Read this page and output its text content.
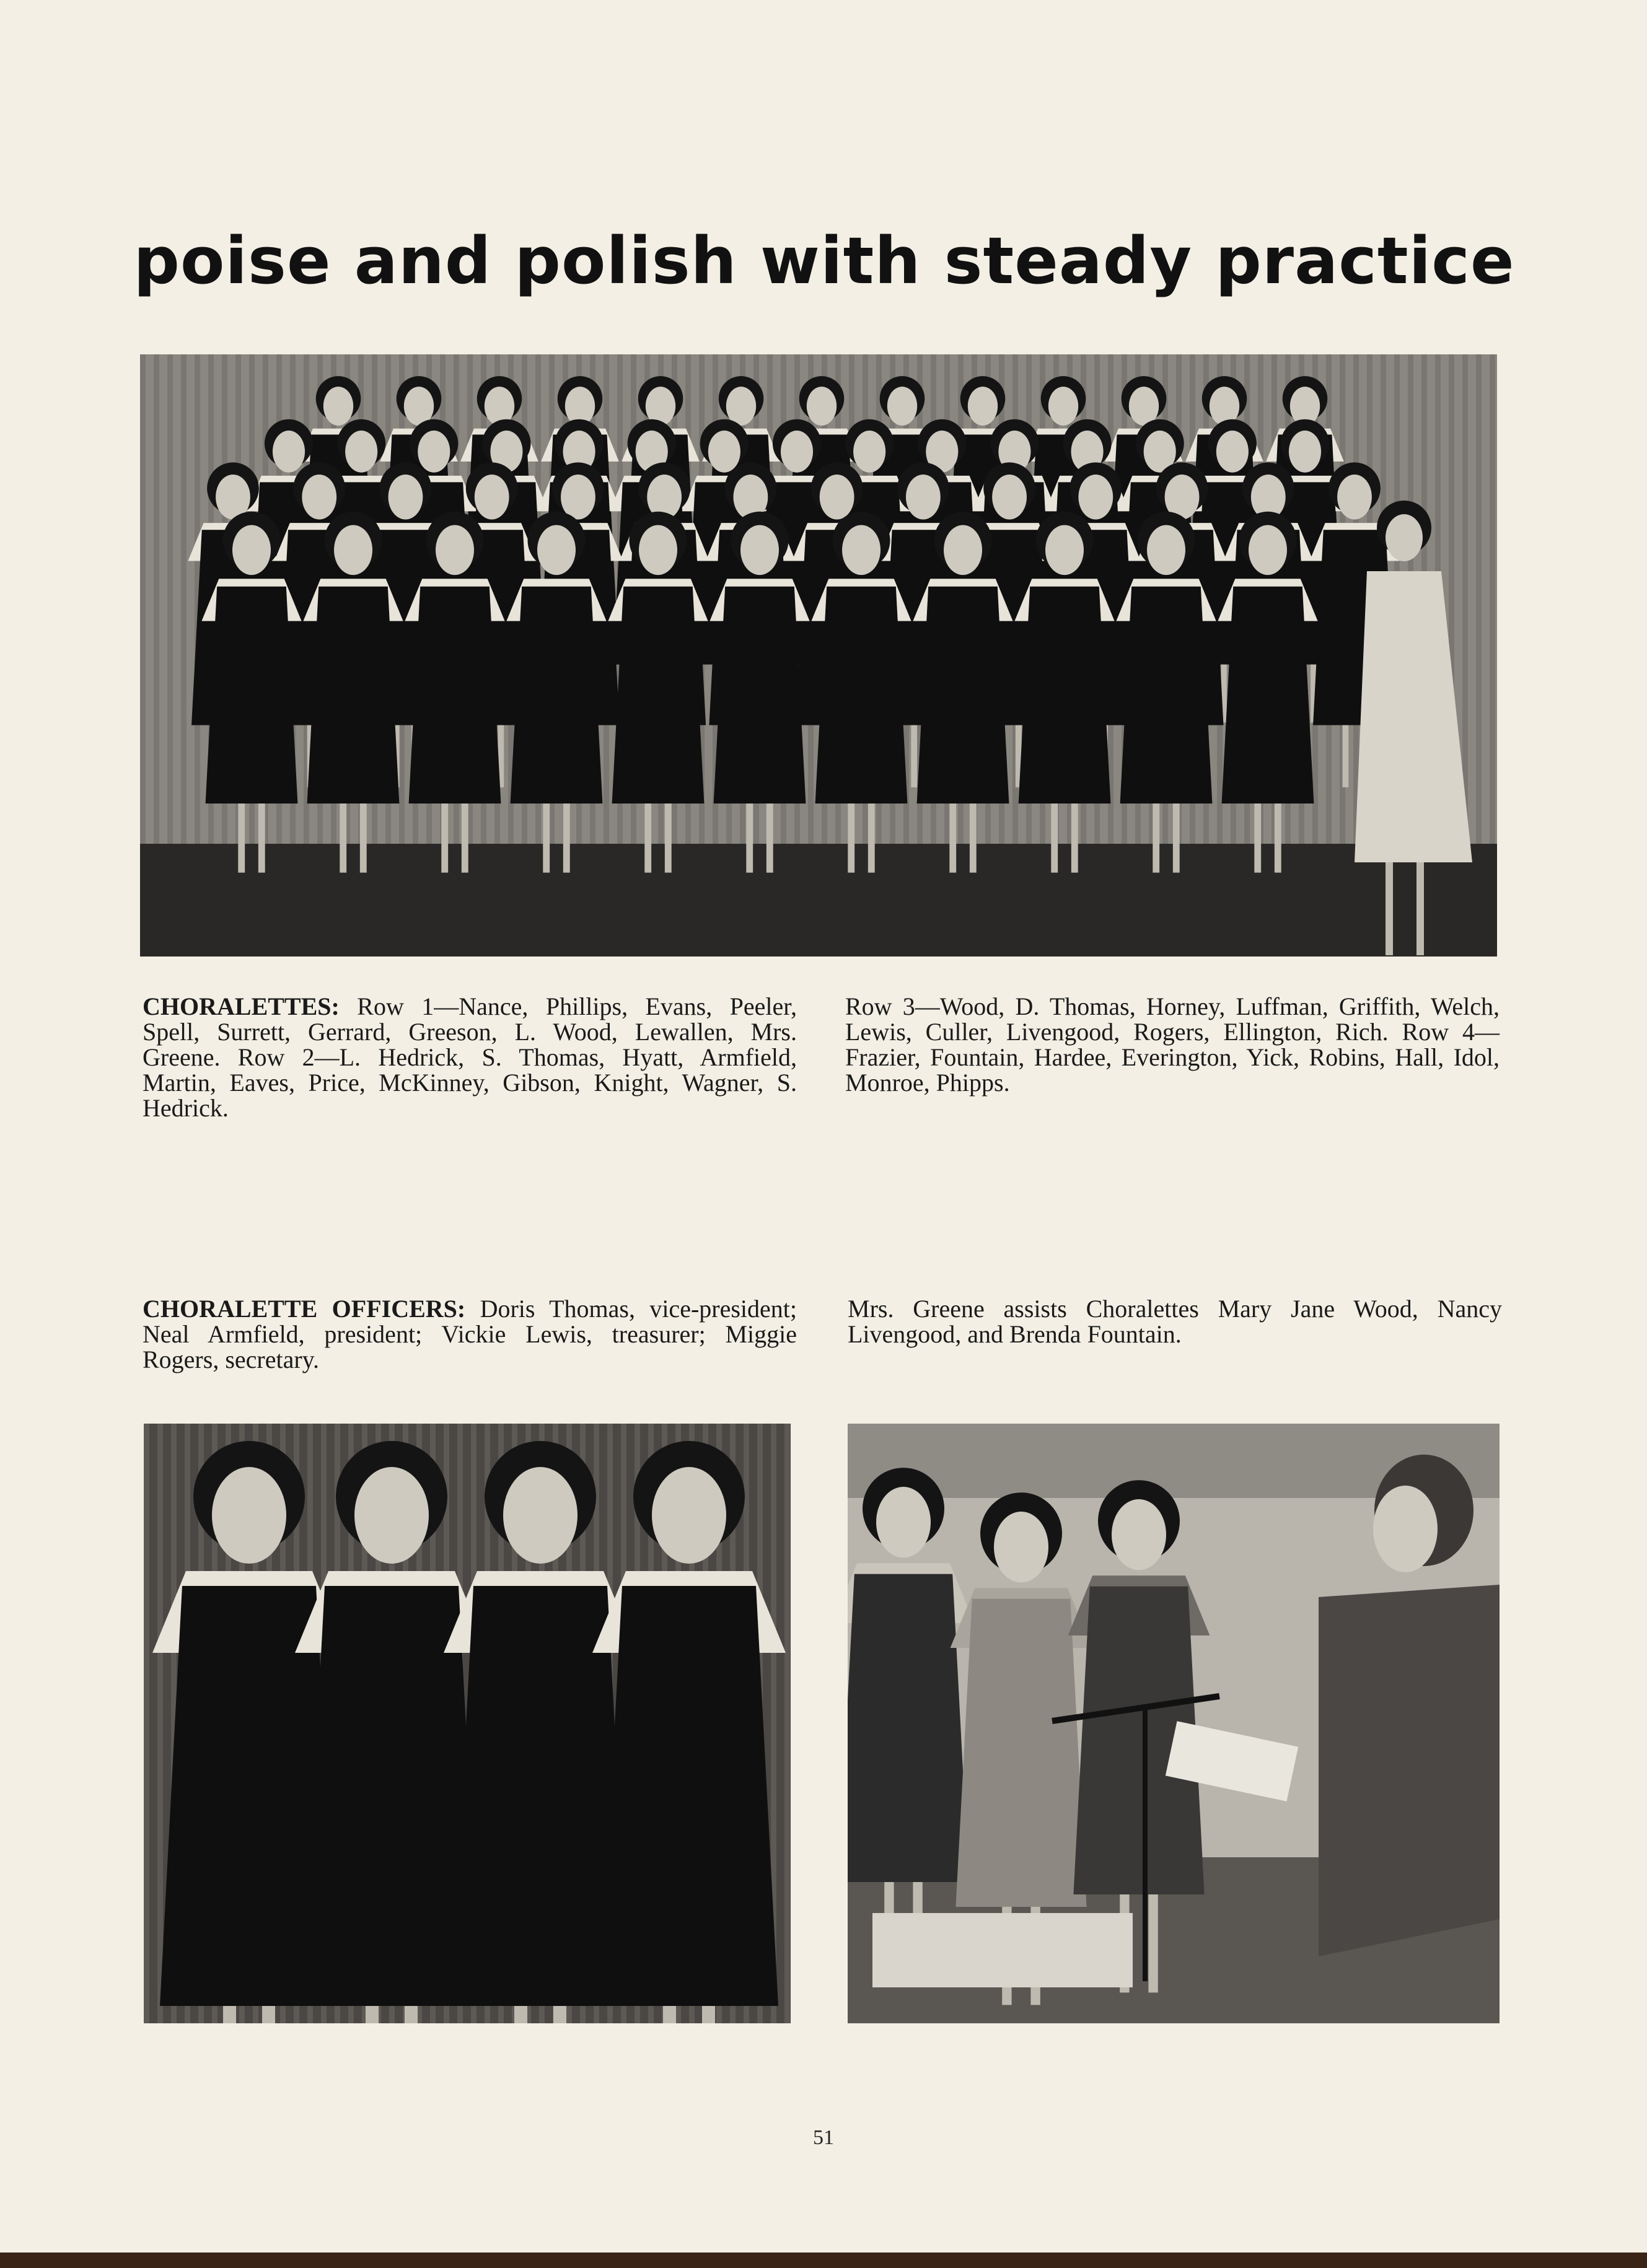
poise and polish with steady practice
CHORALETTES: Row 1—Nance, Phillips, Evans, Peeler, Spell, Surrett, Gerrard, Greeson, L. Wood, Lewallen, Mrs. Greene. Row 2—L. Hedrick, S. Thomas, Hyatt, Armfield, Martin, Eaves, Price, McKinney, Gibson, Knight, Wagner, S. Hedrick.
Row 3—Wood, D. Thomas, Horney, Luffman, Griffith, Welch, Lewis, Culler, Livengood, Rogers, Ellington, Rich. Row 4—Frazier, Fountain, Hardee, Everington, Yick, Robins, Hall, Idol, Monroe, Phipps.
CHORALETTE OFFICERS: Doris Thomas, vice-president; Neal Armfield, president; Vickie Lewis, treasurer; Miggie Rogers, secretary.
Mrs. Greene assists Choralettes Mary Jane Wood, Nancy Livengood, and Brenda Fountain.
51
